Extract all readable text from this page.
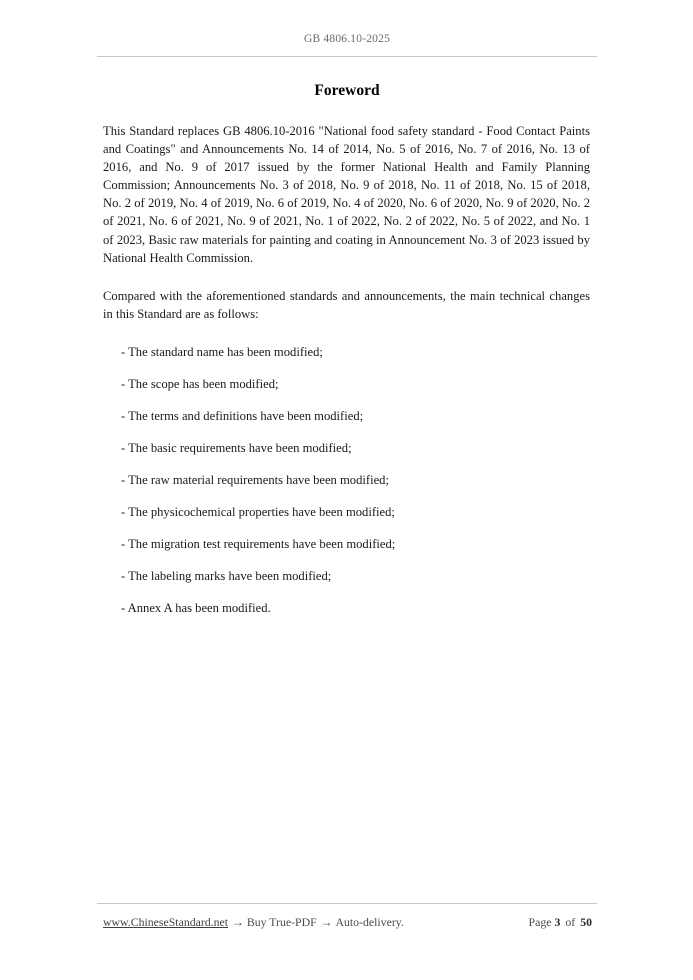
GB 4806.10-2025
Foreword

This Standard replaces GB 4806.10-2016 "National food safety standard - Food Contact Paints and Coatings" and Announcements No. 14 of 2014, No. 5 of 2016, No. 7 of 2016, No. 13 of 2016, and No. 9 of 2017 issued by the former National Health and Family Planning Commission; Announcements No. 3 of 2018, No. 9 of 2018, No. 11 of 2018, No. 15 of 2018, No. 2 of 2019, No. 4 of 2019, No. 6 of 2019, No. 4 of 2020, No. 6 of 2020, No. 9 of 2020, No. 2 of 2021, No. 6 of 2021, No. 9 of 2021, No. 1 of 2022, No. 2 of 2022, No. 5 of 2022, and No. 1 of 2023, Basic raw materials for painting and coating in Announcement No. 3 of 2023 issued by National Health Commission.

Compared with the aforementioned standards and announcements, the main technical changes in this Standard are as follows:

- The standard name has been modified;
- The scope has been modified;
- The terms and definitions have been modified;
- The basic requirements have been modified;
- The raw material requirements have been modified;
- The physicochemical properties have been modified;
- The migration test requirements have been modified;
- The labeling marks have been modified;
- Annex A has been modified.
www.ChineseStandard.net → Buy True-PDF → Auto-delivery.	Page 3 of 50
